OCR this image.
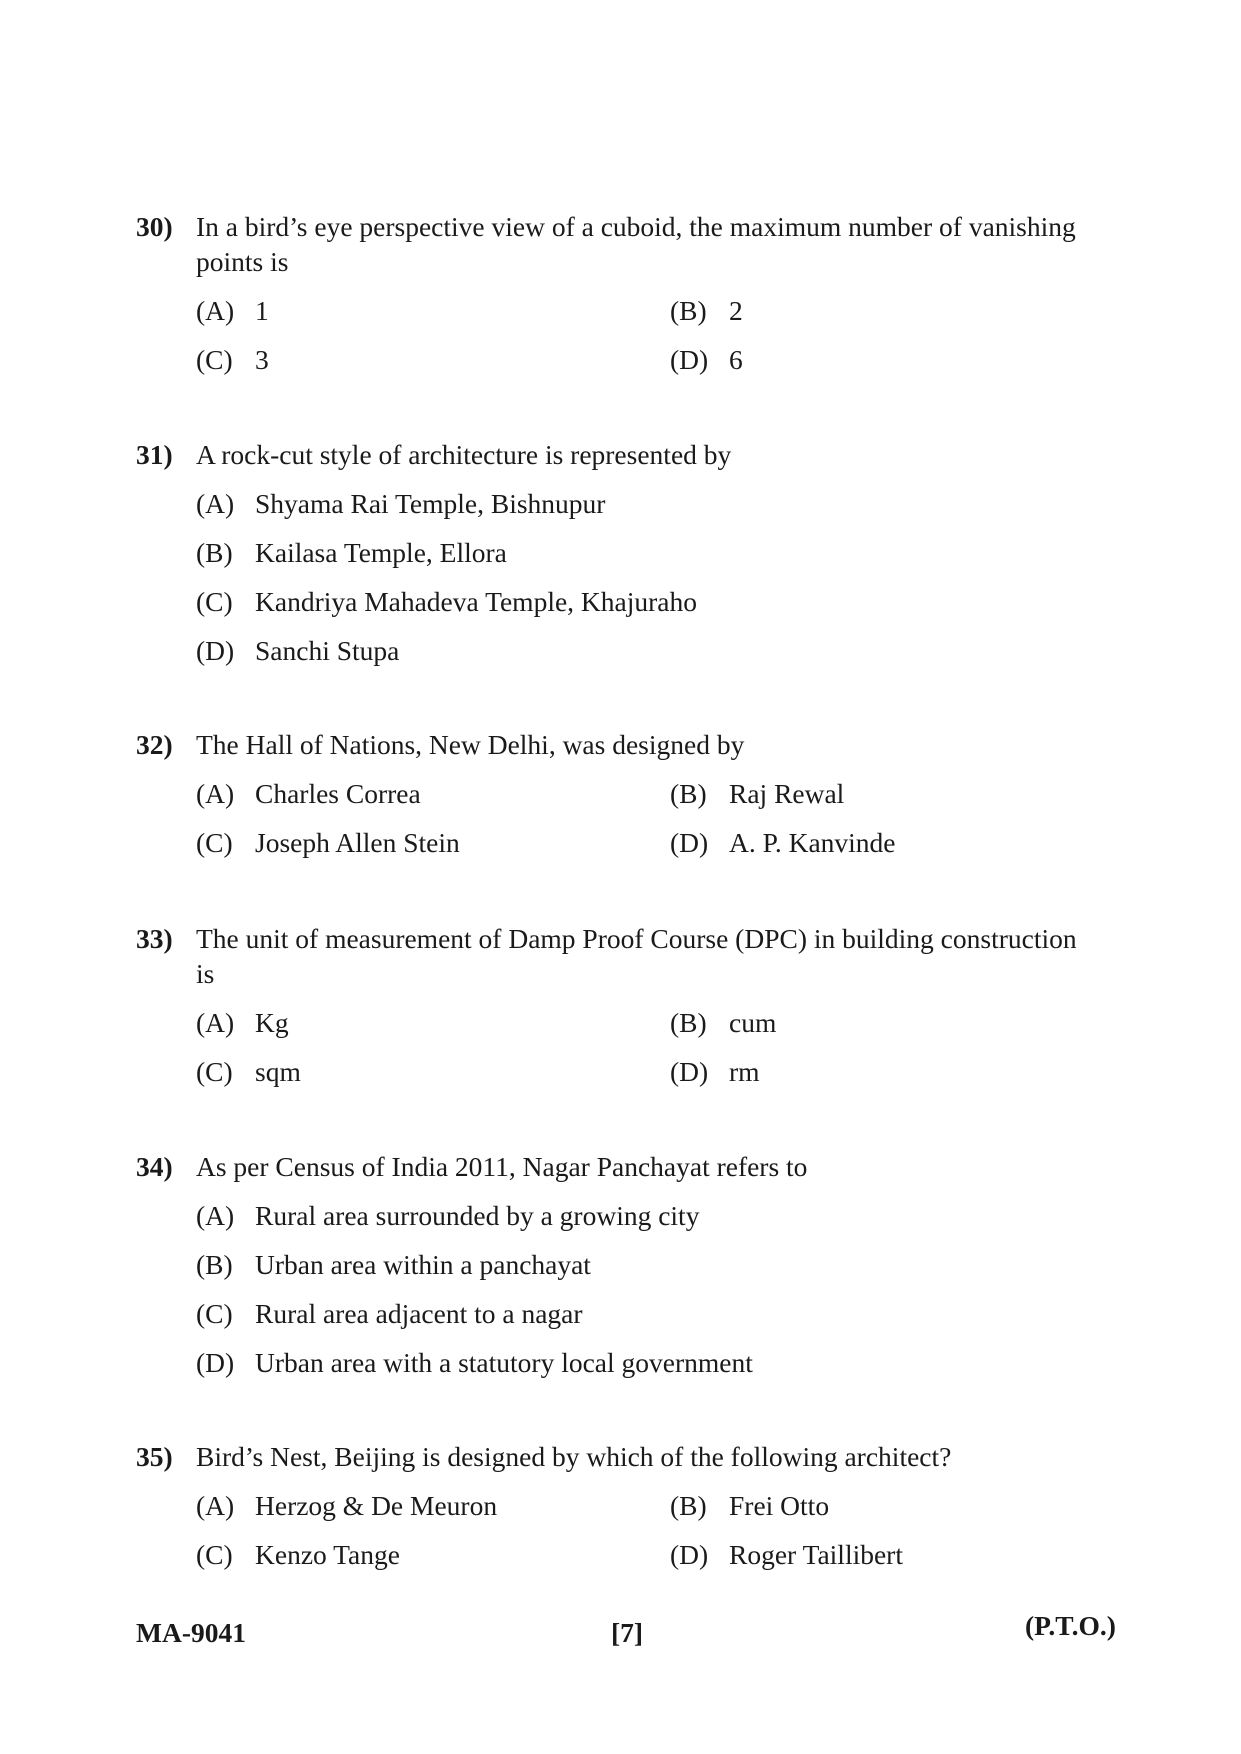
30) In a bird’s eye perspective view of a cuboid, the maximum number of vanishing points is
(A) 1	(B) 2
(C) 3	(D) 6
31) A rock-cut style of architecture is represented by
(A) Shyama Rai Temple, Bishnupur
(B) Kailasa Temple, Ellora
(C) Kandriya Mahadeva Temple, Khajuraho
(D) Sanchi Stupa
32) The Hall of Nations, New Delhi, was designed by
(A) Charles Correa	(B) Raj Rewal
(C) Joseph Allen Stein	(D) A. P. Kanvinde
33) The unit of measurement of Damp Proof Course (DPC) in building construction is
(A) Kg	(B) cum
(C) sqm	(D) rm
34) As per Census of India 2011, Nagar Panchayat refers to
(A) Rural area surrounded by a growing city
(B) Urban area within a panchayat
(C) Rural area adjacent to a nagar
(D) Urban area with a statutory local government
35) Bird’s Nest, Beijing is designed by which of the following architect?
(A) Herzog & De Meuron	(B) Frei Otto
(C) Kenzo Tange	(D) Roger Taillibert
MA-9041	[7]	(P.T.O.)
